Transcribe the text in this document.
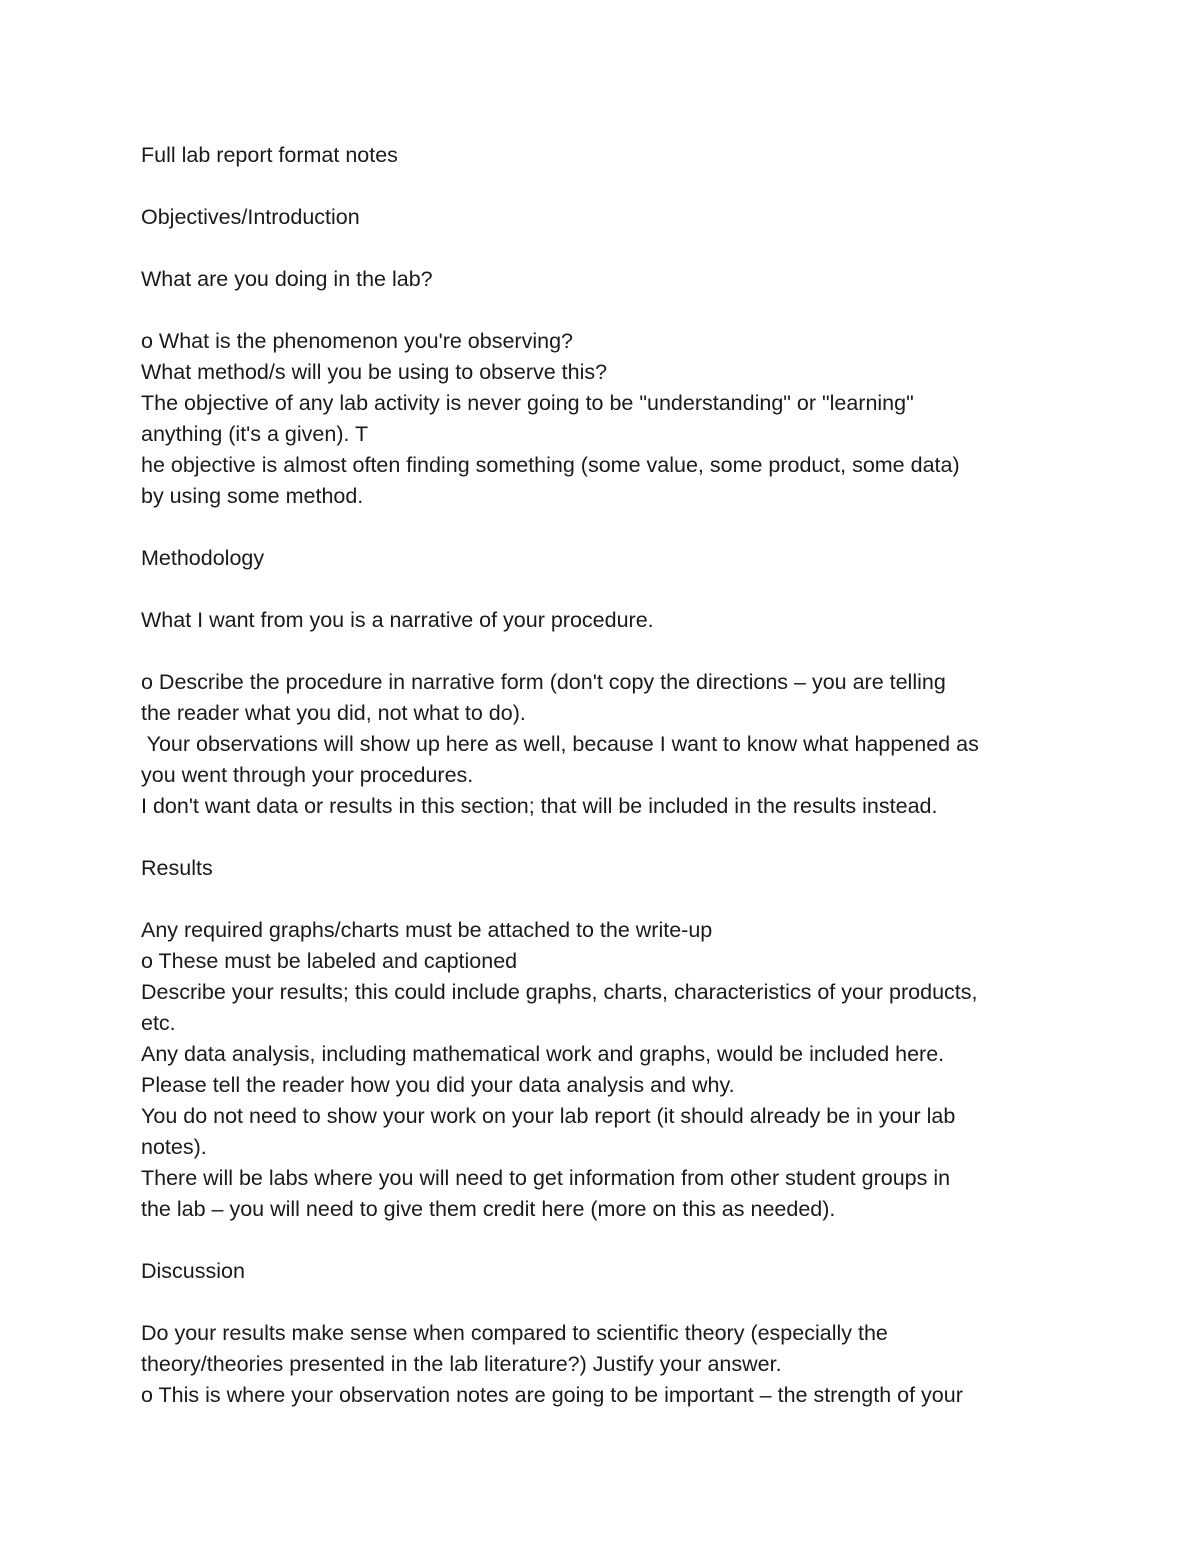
Full lab report format notes
Objectives/Introduction
What are you doing in the lab?
o What is the phenomenon you're observing?
What method/s will you be using to observe this?
The objective of any lab activity is never going to be "understanding" or "learning"
anything (it's a given). T
he objective is almost often finding something (some value, some product, some data)
by using some method.
Methodology
What I want from you is a narrative of your procedure.
o Describe the procedure in narrative form (don't copy the directions – you are telling
the reader what you did, not what to do).
Your observations will show up here as well, because I want to know what happened as
you went through your procedures.
I don't want data or results in this section; that will be included in the results instead.
Results
Any required graphs/charts must be attached to the write-up
o These must be labeled and captioned
Describe your results; this could include graphs, charts, characteristics of your products,
etc.
Any data analysis, including mathematical work and graphs, would be included here.
Please tell the reader how you did your data analysis and why.
You do not need to show your work on your lab report (it should already be in your lab
notes).
There will be labs where you will need to get information from other student groups in
the lab – you will need to give them credit here (more on this as needed).
Discussion
Do your results make sense when compared to scientific theory (especially the
theory/theories presented in the lab literature?) Justify your answer.
o This is where your observation notes are going to be important – the strength of your
